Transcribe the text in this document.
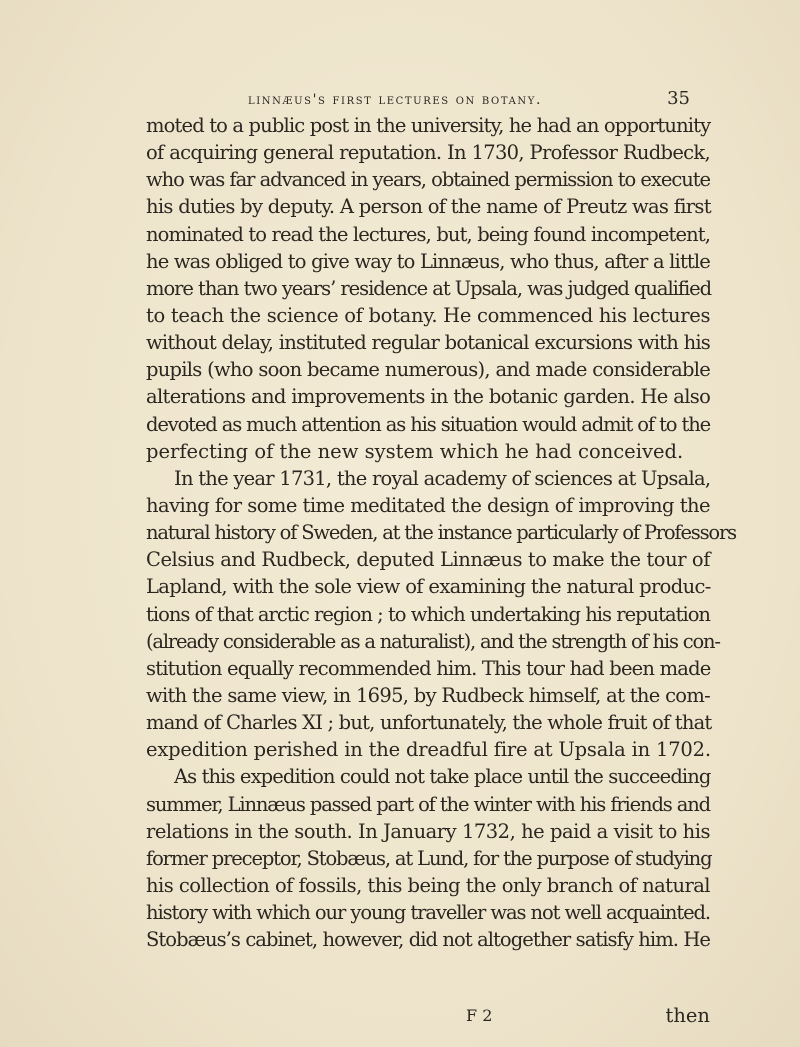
linnæus's first lectures on botany.	35
moted to a public post in the university, he had an opportunity
of acquiring general reputation. In 1730, Professor Rudbeck,
who was far advanced in years, obtained permission to execute
his duties by deputy. A person of the name of Preutz was first
nominated to read the lectures, but, being found incompetent,
he was obliged to give way to Linnæus, who thus, after a little
more than two years’ residence at Upsala, was judged qualified
to teach the science of botany. He commenced his lectures
without delay, instituted regular botanical excursions with his
pupils (who soon became numerous), and made considerable
alterations and improvements in the botanic garden. He also
devoted as much attention as his situation would admit of to the
perfecting of the new system which he had conceived.
In the year 1731, the royal academy of sciences at Upsala,
having for some time meditated the design of improving the
natural history of Sweden, at the instance particularly of Professors
Celsius and Rudbeck, deputed Linnæus to make the tour of
Lapland, with the sole view of examining the natural produc-
tions of that arctic region ; to which undertaking his reputation
(already considerable as a naturalist), and the strength of his con-
stitution equally recommended him. This tour had been made
with the same view, in 1695, by Rudbeck himself, at the com-
mand of Charles XI ; but, unfortunately, the whole fruit of that
expedition perished in the dreadful fire at Upsala in 1702.
As this expedition could not take place until the succeeding
summer, Linnæus passed part of the winter with his friends and
relations in the south. In January 1732, he paid a visit to his
former preceptor, Stobæus, at Lund, for the purpose of studying
his collection of fossils, this being the only branch of natural
history with which our young traveller was not well acquainted.
Stobæus’s cabinet, however, did not altogether satisfy him. He
F 2	then
